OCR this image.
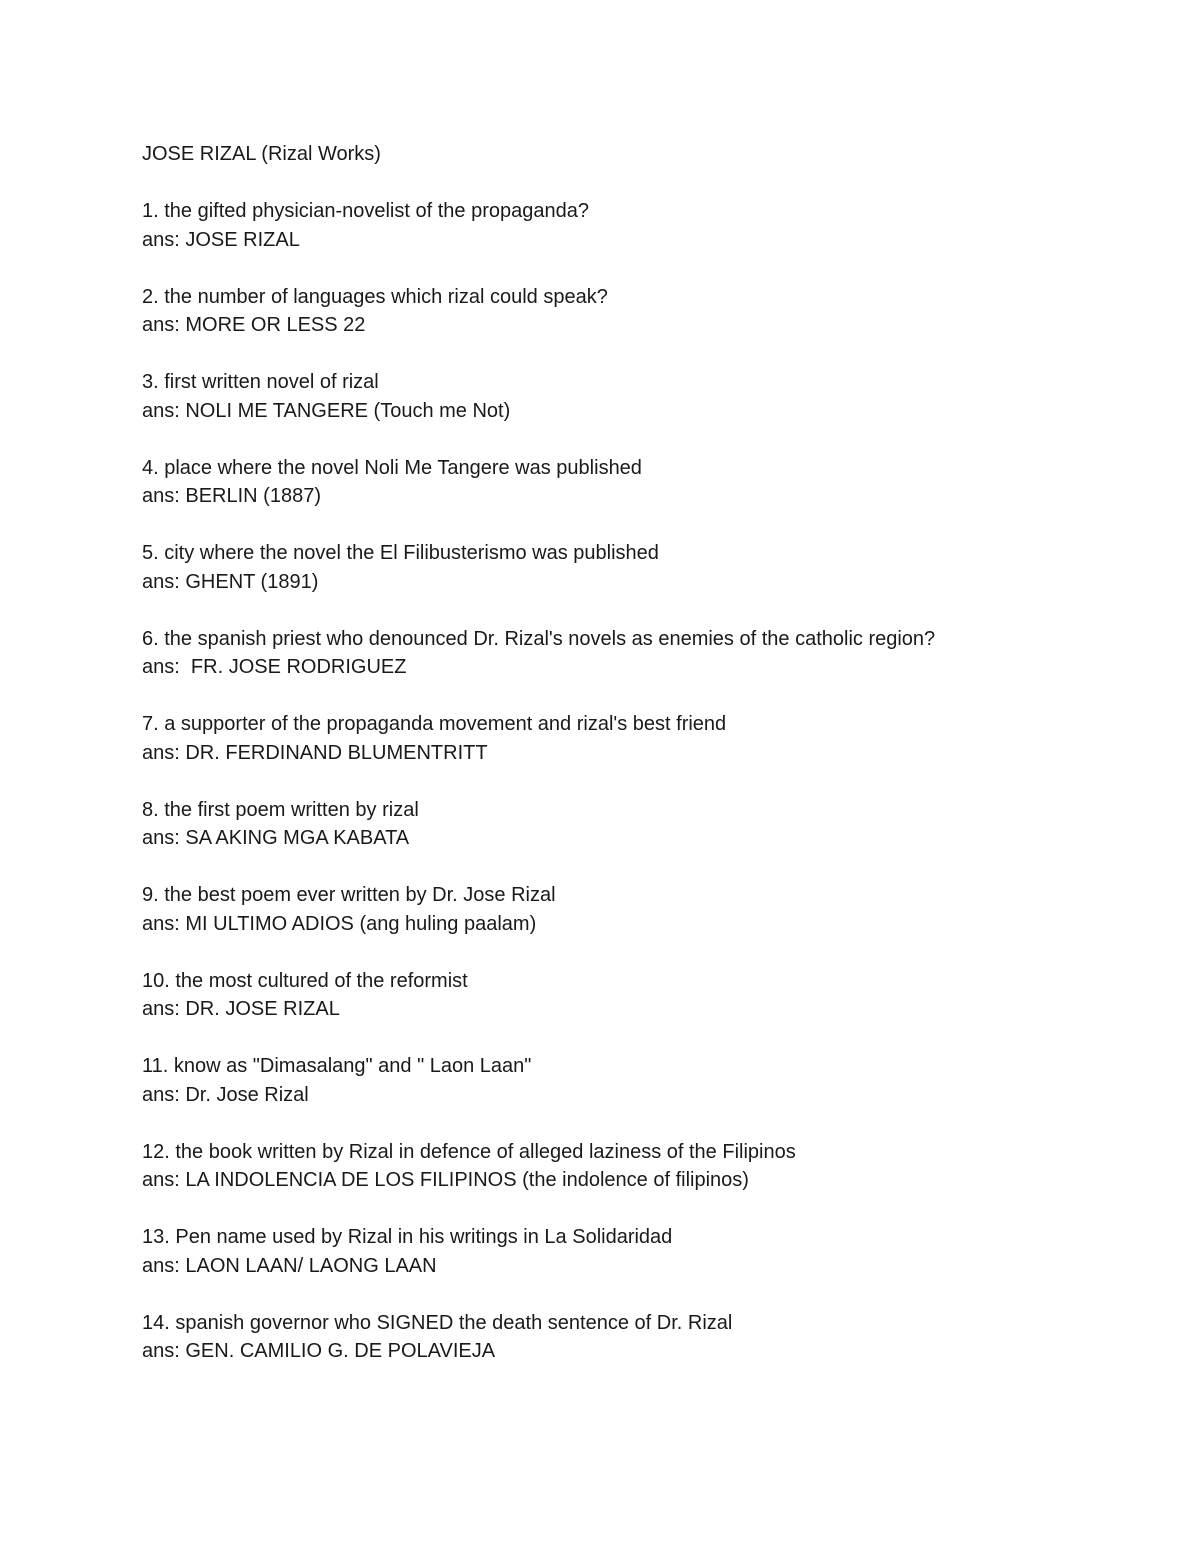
JOSE RIZAL (Rizal Works)
1. the gifted physician-novelist of the propaganda?
ans: JOSE RIZAL
2. the number of languages which rizal could speak?
ans: MORE OR LESS 22
3. first written novel of rizal
ans: NOLI ME TANGERE (Touch me Not)
4. place where the novel Noli Me Tangere was published
ans: BERLIN (1887)
5. city where the novel the El Filibusterismo was published
ans: GHENT (1891)
6. the spanish priest who denounced Dr. Rizal's novels as enemies of the catholic region?
ans:  FR. JOSE RODRIGUEZ
7. a supporter of the propaganda movement and rizal's best friend
ans: DR. FERDINAND BLUMENTRITT
8. the first poem written by rizal
ans: SA AKING MGA KABATA
9. the best poem ever written by Dr. Jose Rizal
ans: MI ULTIMO ADIOS (ang huling paalam)
10. the most cultured of the reformist
ans: DR. JOSE RIZAL
11. know as "Dimasalang" and " Laon Laan"
ans: Dr. Jose Rizal
12. the book written by Rizal in defence of alleged laziness of the Filipinos
ans: LA INDOLENCIA DE LOS FILIPINOS (the indolence of filipinos)
13. Pen name used by Rizal in his writings in La Solidaridad
ans: LAON LAAN/ LAONG LAAN
14. spanish governor who SIGNED the death sentence of Dr. Rizal
ans: GEN. CAMILIO G. DE POLAVIEJA
